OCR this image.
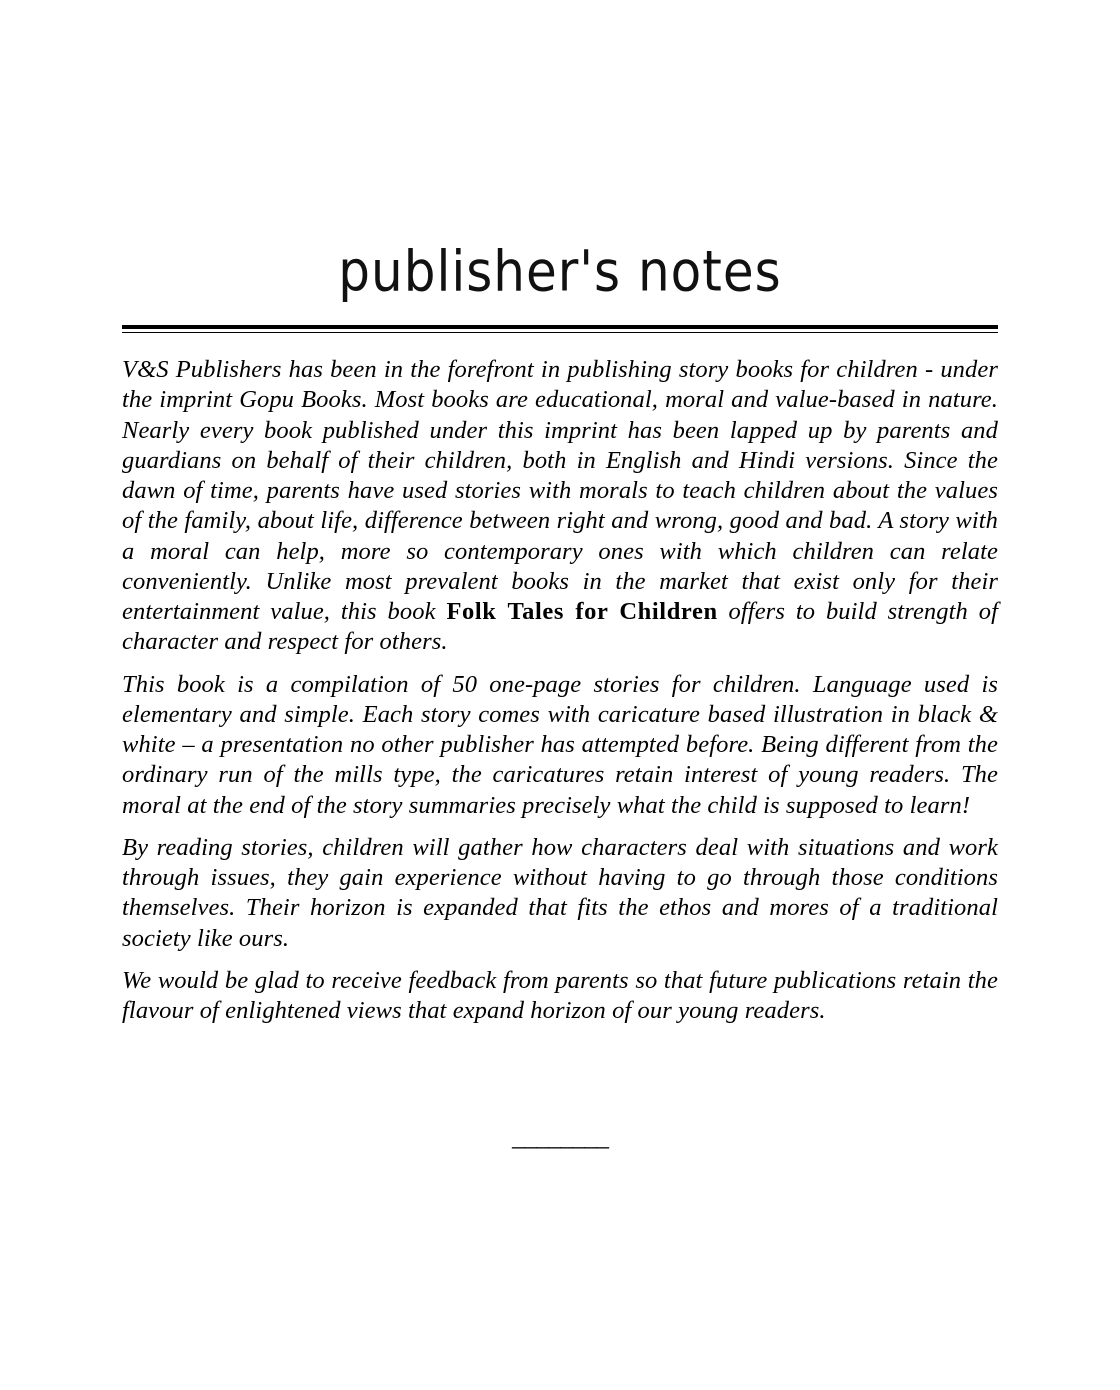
publisher's notes

V&S Publishers has been in the forefront in publishing story books for children - under the imprint Gopu Books. Most books are educational, moral and value-based in nature. Nearly every book published under this imprint has been lapped up by parents and guardians on behalf of their children, both in English and Hindi versions. Since the dawn of time, parents have used stories with morals to teach children about the values of the family, about life, difference between right and wrong, good and bad. A story with a moral can help, more so contemporary ones with which children can relate conveniently. Unlike most prevalent books in the market that exist only for their entertainment value, this book Folk Tales for Children offers to build strength of character and respect for others.

This book is a compilation of 50 one-page stories for children. Language used is elementary and simple. Each story comes with caricature based illustration in black & white – a presentation no other publisher has attempted before. Being different from the ordinary run of the mills type, the caricatures retain interest of young readers. The moral at the end of the story summaries precisely what the child is supposed to learn!

By reading stories, children will gather how characters deal with situations and work through issues, they gain experience without having to go through those conditions themselves. Their horizon is expanded that fits the ethos and mores of a traditional society like ours.

We would be glad to receive feedback from parents so that future publications retain the flavour of enlightened views that expand horizon of our young readers.

________
